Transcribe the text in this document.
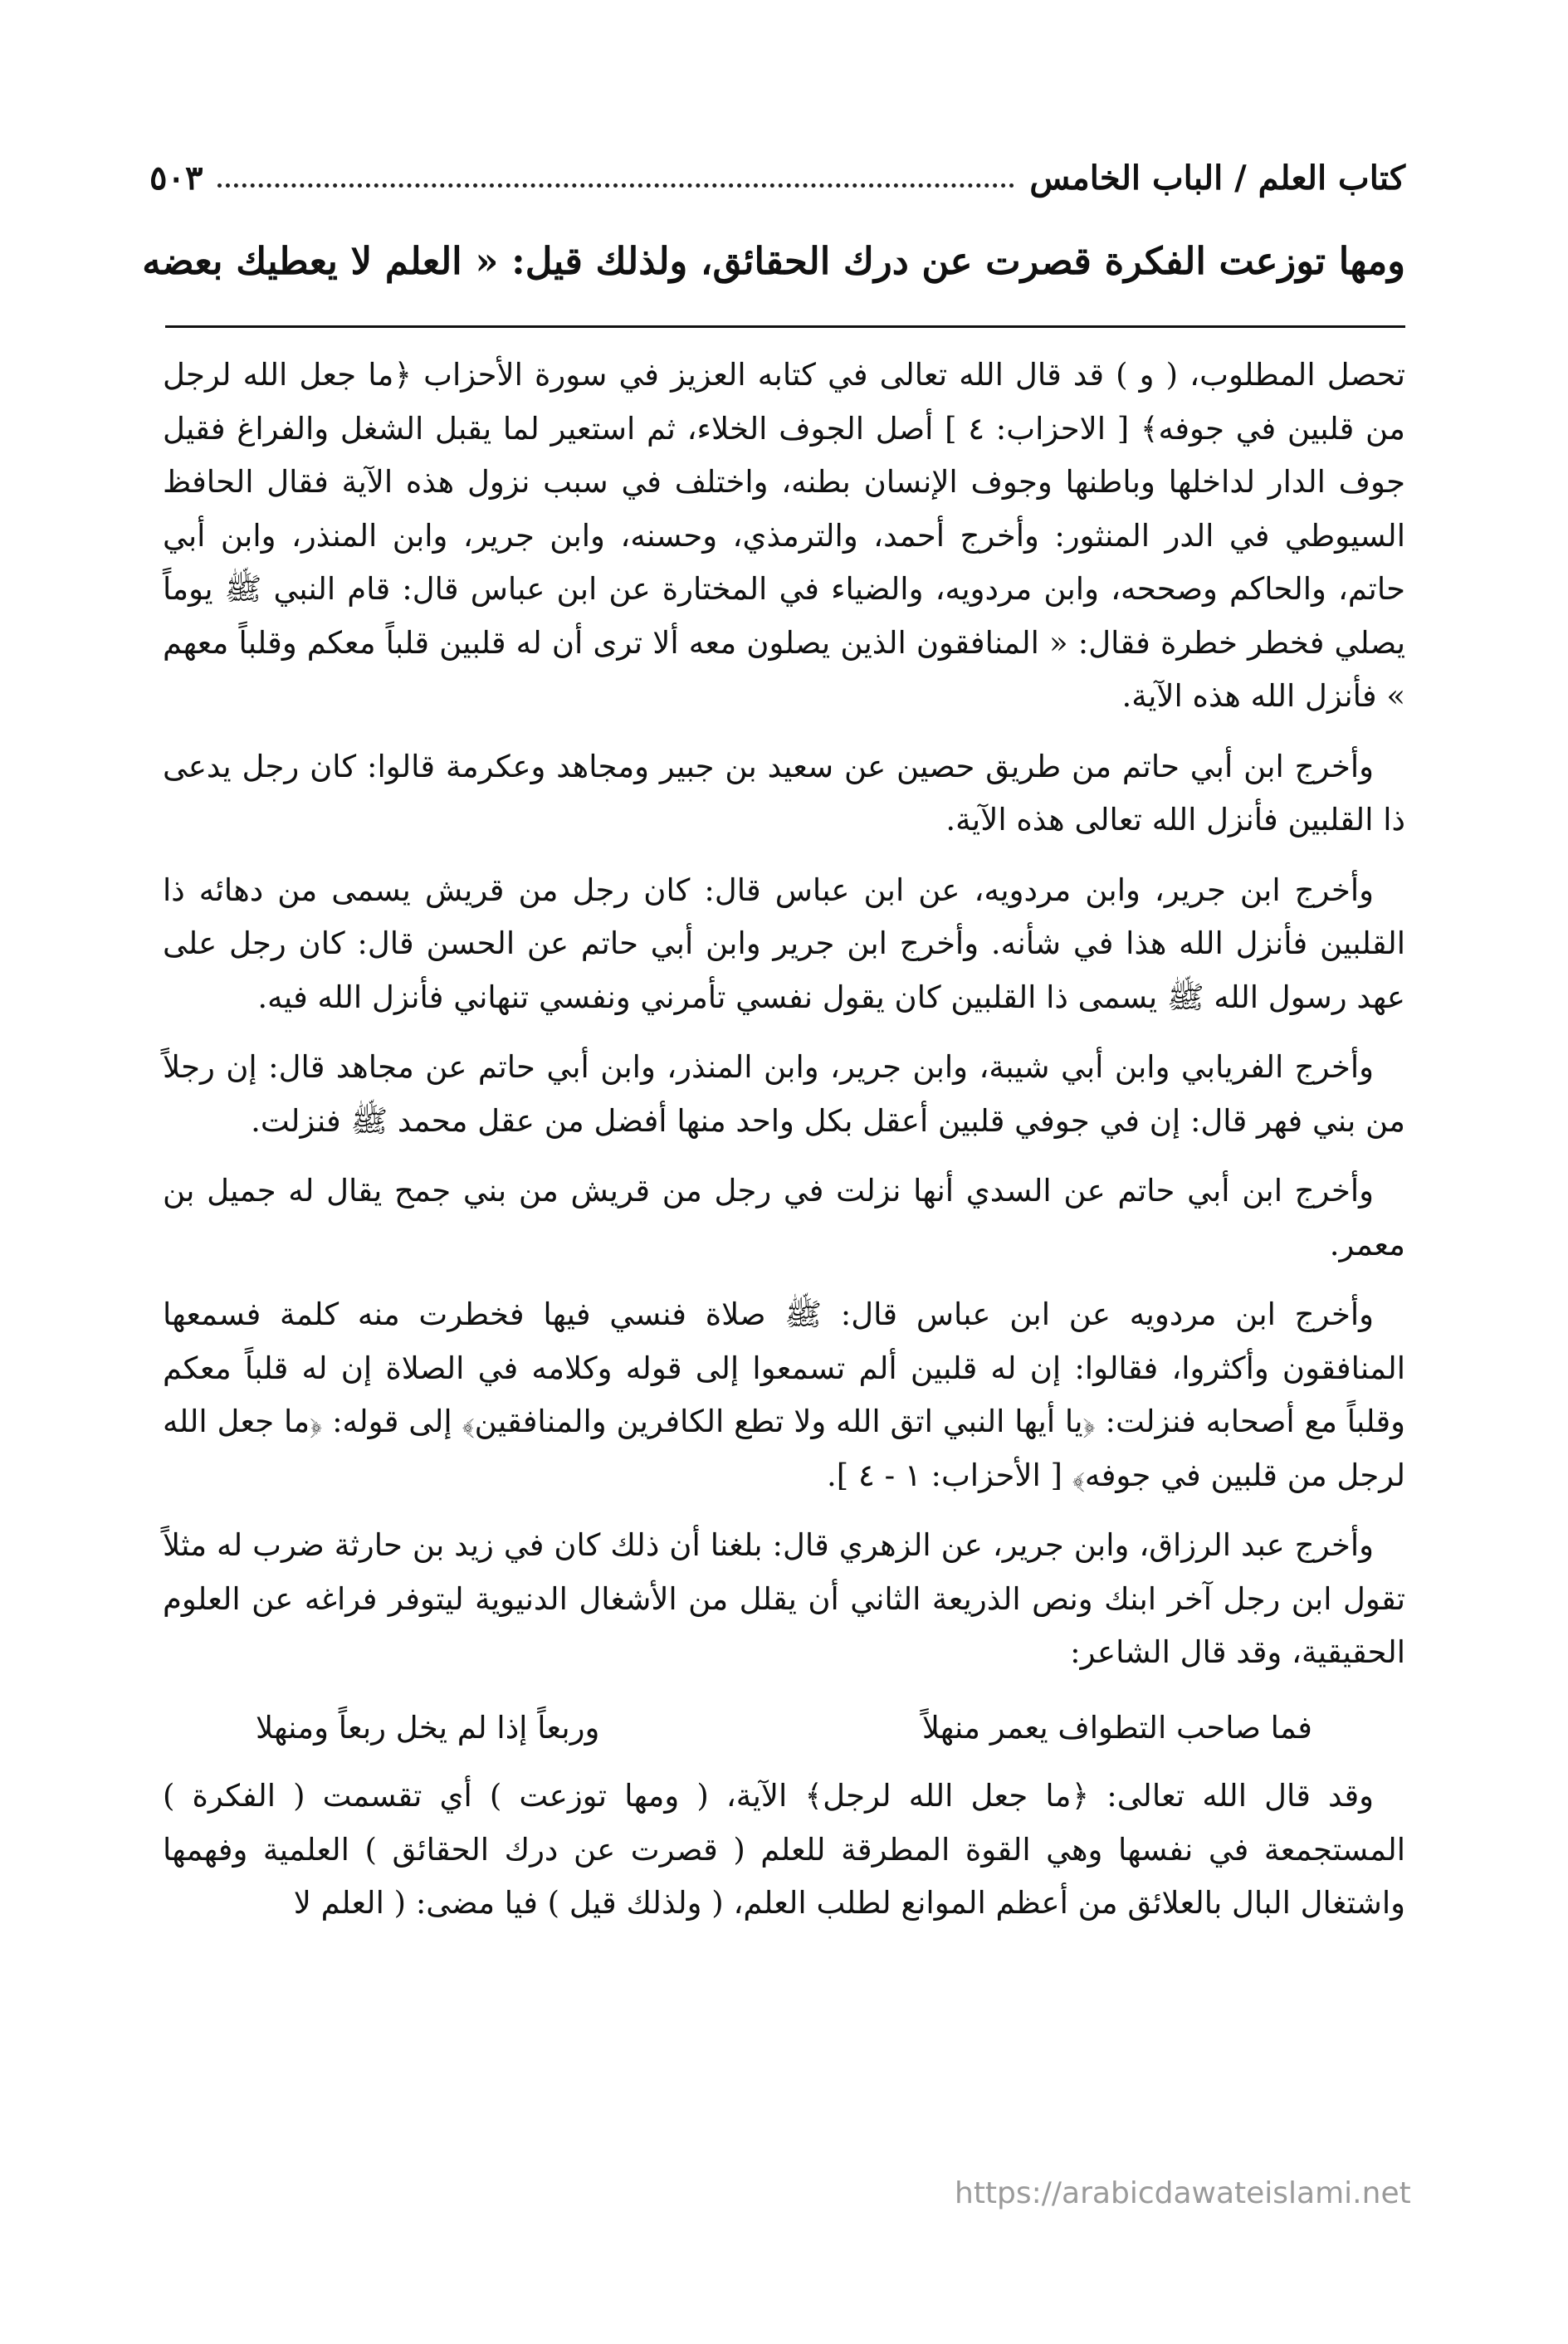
كتاب العلم / الباب الخامس
٥٠٣
ومها توزعت الفكرة قصرت عن درك الحقائق، ولذلك قيل: « العلم لا يعطيك بعضه

تحصل المطلوب، ( و ) قد قال الله تعالى في كتابه العزيز في سورة الأحزاب ﴿ما جعل الله لرجل من قلبين في جوفه﴾ [ الاحزاب: ٤ ] أصل الجوف الخلاء، ثم استعير لما يقبل الشغل والفراغ فقيل جوف الدار لداخلها وباطنها وجوف الإنسان بطنه، واختلف في سبب نزول هذه الآية فقال الحافظ السيوطي في الدر المنثور: وأخرج أحمد، والترمذي، وحسنه، وابن جرير، وابن المنذر، وابن أبي حاتم، والحاكم وصححه، وابن مردويه، والضياء في المختارة عن ابن عباس قال: قام النبي ﷺ يوماً يصلي فخطر خطرة فقال: « المنافقون الذين يصلون معه ألا ترى أن له قلبين قلباً معكم وقلباً معهم » فأنزل الله هذه الآية.

وأخرج ابن أبي حاتم من طريق حصين عن سعيد بن جبير ومجاهد وعكرمة قالوا: كان رجل يدعى ذا القلبين فأنزل الله تعالى هذه الآية.

وأخرج ابن جرير، وابن مردويه، عن ابن عباس قال: كان رجل من قريش يسمى من دهائه ذا القلبين فأنزل الله هذا في شأنه. وأخرج ابن جرير وابن أبي حاتم عن الحسن قال: كان رجل على عهد رسول الله ﷺ يسمى ذا القلبين كان يقول نفسي تأمرني ونفسي تنهاني فأنزل الله فيه.

وأخرج الفريابي وابن أبي شيبة، وابن جرير، وابن المنذر، وابن أبي حاتم عن مجاهد قال: إن رجلاً من بني فهر قال: إن في جوفي قلبين أعقل بكل واحد منها أفضل من عقل محمد ﷺ فنزلت.

وأخرج ابن أبي حاتم عن السدي أنها نزلت في رجل من قريش من بني جمح يقال له جميل بن معمر.

وأخرج ابن مردويه عن ابن عباس قال: ﷺ صلاة فنسي فيها فخطرت منه كلمة فسمعها المنافقون وأكثروا، فقالوا: إن له قلبين ألم تسمعوا إلى قوله وكلامه في الصلاة إن له قلباً معكم وقلباً مع أصحابه فنزلت: ﴿يا أيها النبي اتق الله ولا تطع الكافرين والمنافقين﴾ إلى قوله: ﴿ما جعل الله لرجل من قلبين في جوفه﴾ [ الأحزاب: ١ - ٤ ].

وأخرج عبد الرزاق، وابن جرير، عن الزهري قال: بلغنا أن ذلك كان في زيد بن حارثة ضرب له مثلاً تقول ابن رجل آخر ابنك ونص الذريعة الثاني أن يقلل من الأشغال الدنيوية ليتوفر فراغه عن العلوم الحقيقية، وقد قال الشاعر:

فما صاحب التطواف يعمر منهلاً
وربعاً إذا لم يخل ربعاً ومنهلا

وقد قال الله تعالى: ﴿ما جعل الله لرجل﴾ الآية، ( ومها توزعت ) أي تقسمت ( الفكرة ) المستجمعة في نفسها وهي القوة المطرقة للعلم ( قصرت عن درك الحقائق ) العلمية وفهمها واشتغال البال بالعلائق من أعظم الموانع لطلب العلم، ( ولذلك قيل ) فيا مضى: ( العلم لا

https://arabicdawateislami.net
